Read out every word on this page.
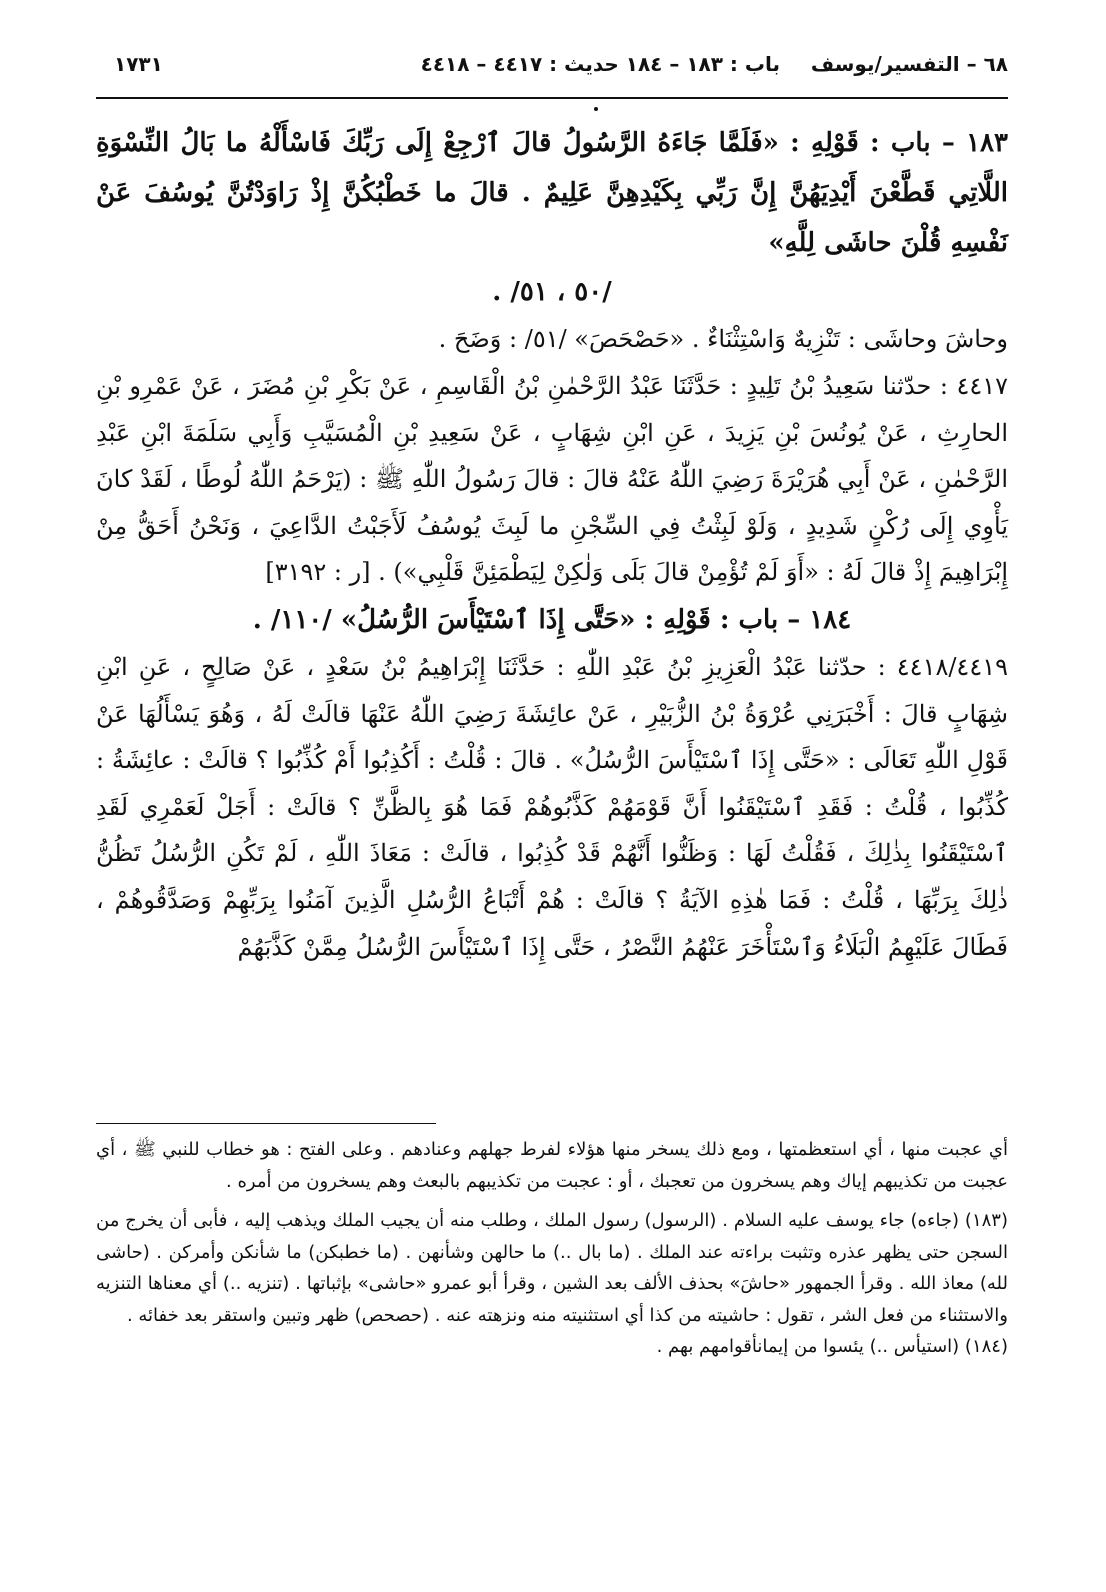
٦٨ – التفسير/يوسف
باب : ١٨٣ – ١٨٤ حديث : ٤٤١٧ – ٤٤١٨
١٧٣١

١٨٣ – باب : قَوْلِهِ : «فَلَمَّا جَاءَهُ الرَّسُولُ قالَ ٱرْجِعْ إِلَى رَبِّكَ فَاسْأَلْهُ ما بَالُ النِّسْوَةِ اللَّاتِي قَطَّعْنَ أَيْدِيَهُنَّ إِنَّ رَبِّي بِكَيْدِهِنَّ عَلِيمٌ . قالَ ما خَطْبُكُنَّ إِذْ رَاوَدْتُنَّ يُوسُفَ عَنْ نَفْسِهِ قُلْنَ حاشَى لِلَّهِ»

/٥٠ ، ٥١/ .

وحاشَ وحاشَى : تَنْزِيهٌ وَاسْتِثْنَاءٌ . «حَصْحَصَ» /٥١/ : وَضَحَ .

٤٤١٧ : حدّثنا سَعِيدُ بْنُ تَلِيدٍ : حَدَّثَنَا عَبْدُ الرَّحْمٰنِ بْنُ الْقَاسِمِ ، عَنْ بَكْرِ بْنِ مُضَرَ ، عَنْ عَمْرِو بْنِ الحارِثِ ، عَنْ يُونُسَ بْنِ يَزِيدَ ، عَنِ ابْنِ شِهَابٍ ، عَنْ سَعِيدِ بْنِ الْمُسَيَّبِ وَأَبِي سَلَمَةَ ابْنِ عَبْدِ الرَّحْمٰنِ ، عَنْ أَبِي هُرَيْرَةَ رَضِيَ اللّٰهُ عَنْهُ قالَ : قالَ رَسُولُ اللّٰهِ ﷺ : (يَرْحَمُ اللّٰهُ لُوطًا ، لَقَدْ كانَ يَأْوِي إِلَى رُكْنٍ شَدِيدٍ ، وَلَوْ لَبِثْتُ فِي السِّجْنِ ما لَبِثَ يُوسُفُ لَأَجَبْتُ الدَّاعِيَ ، وَنَحْنُ أَحَقُّ مِنْ إِبْرَاهِيمَ إِذْ قالَ لَهُ : «أَوَ لَمْ تُؤْمِنْ قالَ بَلَى وَلٰكِنْ لِيَطْمَئِنَّ قَلْبِي») . [ر : ٣١٩٢]

١٨٤ – باب : قَوْلِهِ : «حَتَّى إِذَا ٱسْتَيْأَسَ الرُّسُلُ» /١١٠/ .

٤٤١٨/٤٤١٩ : حدّثنا عَبْدُ الْعَزِيزِ بْنُ عَبْدِ اللّٰهِ : حَدَّثَنَا إِبْرَاهِيمُ بْنُ سَعْدٍ ، عَنْ صَالِحٍ ، عَنِ ابْنِ شِهَابٍ قالَ : أَخْبَرَنِي عُرْوَةُ بْنُ الزُّبَيْرِ ، عَنْ عائِشَةَ رَضِيَ اللّٰهُ عَنْهَا قالَتْ لَهُ ، وَهُوَ يَسْأَلُهَا عَنْ قَوْلِ اللّٰهِ تَعَالَى : «حَتَّى إِذَا ٱسْتَيْأَسَ الرُّسُلُ» . قالَ : قُلْتُ : أَكُذِبُوا أَمْ كُذِّبُوا ؟ قالَتْ : عائِشَةُ : كُذِّبُوا ، قُلْتُ : فَقَدِ ٱسْتَيْقَنُوا أَنَّ قَوْمَهُمْ كَذَّبُوهُمْ فَمَا هُوَ بِالظَّنِّ ؟ قالَتْ : أَجَلْ لَعَمْرِي لَقَدِ ٱسْتَيْقَنُوا بِذٰلِكَ ، فَقُلْتُ لَهَا : وَظَنُّوا أَنَّهُمْ قَدْ كُذِبُوا ، قالَتْ : مَعَاذَ اللّٰهِ ، لَمْ تَكُنِ الرُّسُلُ تَظُنُّ ذٰلِكَ بِرَبِّهَا ، قُلْتُ : فَمَا هٰذِهِ الآيَةُ ؟ قالَتْ : هُمْ أَتْبَاعُ الرُّسُلِ الَّذِينَ آمَنُوا بِرَبِّهِمْ وَصَدَّقُوهُمْ ، فَطَالَ عَلَيْهِمُ الْبَلَاءُ وَٱسْتَأْخَرَ عَنْهُمُ النَّصْرُ ، حَتَّى إِذَا ٱسْتَيْأَسَ الرُّسُلُ مِمَّنْ كَذَّبَهُمْ

أي عجبت منها ، أي استعظمتها ، ومع ذلك يسخر منها هؤلاء لفرط جهلهم وعنادهم . وعلى الفتح : هو خطاب للنبي ﷺ ، أي عجبت من تكذيبهم إياك وهم يسخرون من تعجبك ، أو : عجبت من تكذيبهم بالبعث وهم يسخرون من أمره .

(١٨٣) (جاءه) جاء يوسف عليه السلام . (الرسول) رسول الملك ، وطلب منه أن يجيب الملك ويذهب إليه ، فأبى أن يخرج من السجن حتى يظهر عذره وتثبت براءته عند الملك . (ما بال ..) ما حالهن وشأنهن . (ما خطبكن) ما شأنكن وأمركن . (حاشى لله) معاذ الله . وقرأ الجمهور «حاشَ» بحذف الألف بعد الشين ، وقرأ أبو عمرو «حاشى» بإثباتها . (تنزيه ..) أي معناها التنزيه والاستثناء من فعل الشر ، تقول : حاشيته من كذا أي استثنيته منه ونزهته عنه . (حصحص) ظهر وتبين واستقر بعد خفائه .

(١٨٤) (استيأس ..) يئسوا من إيمانأقوامهم بهم .
